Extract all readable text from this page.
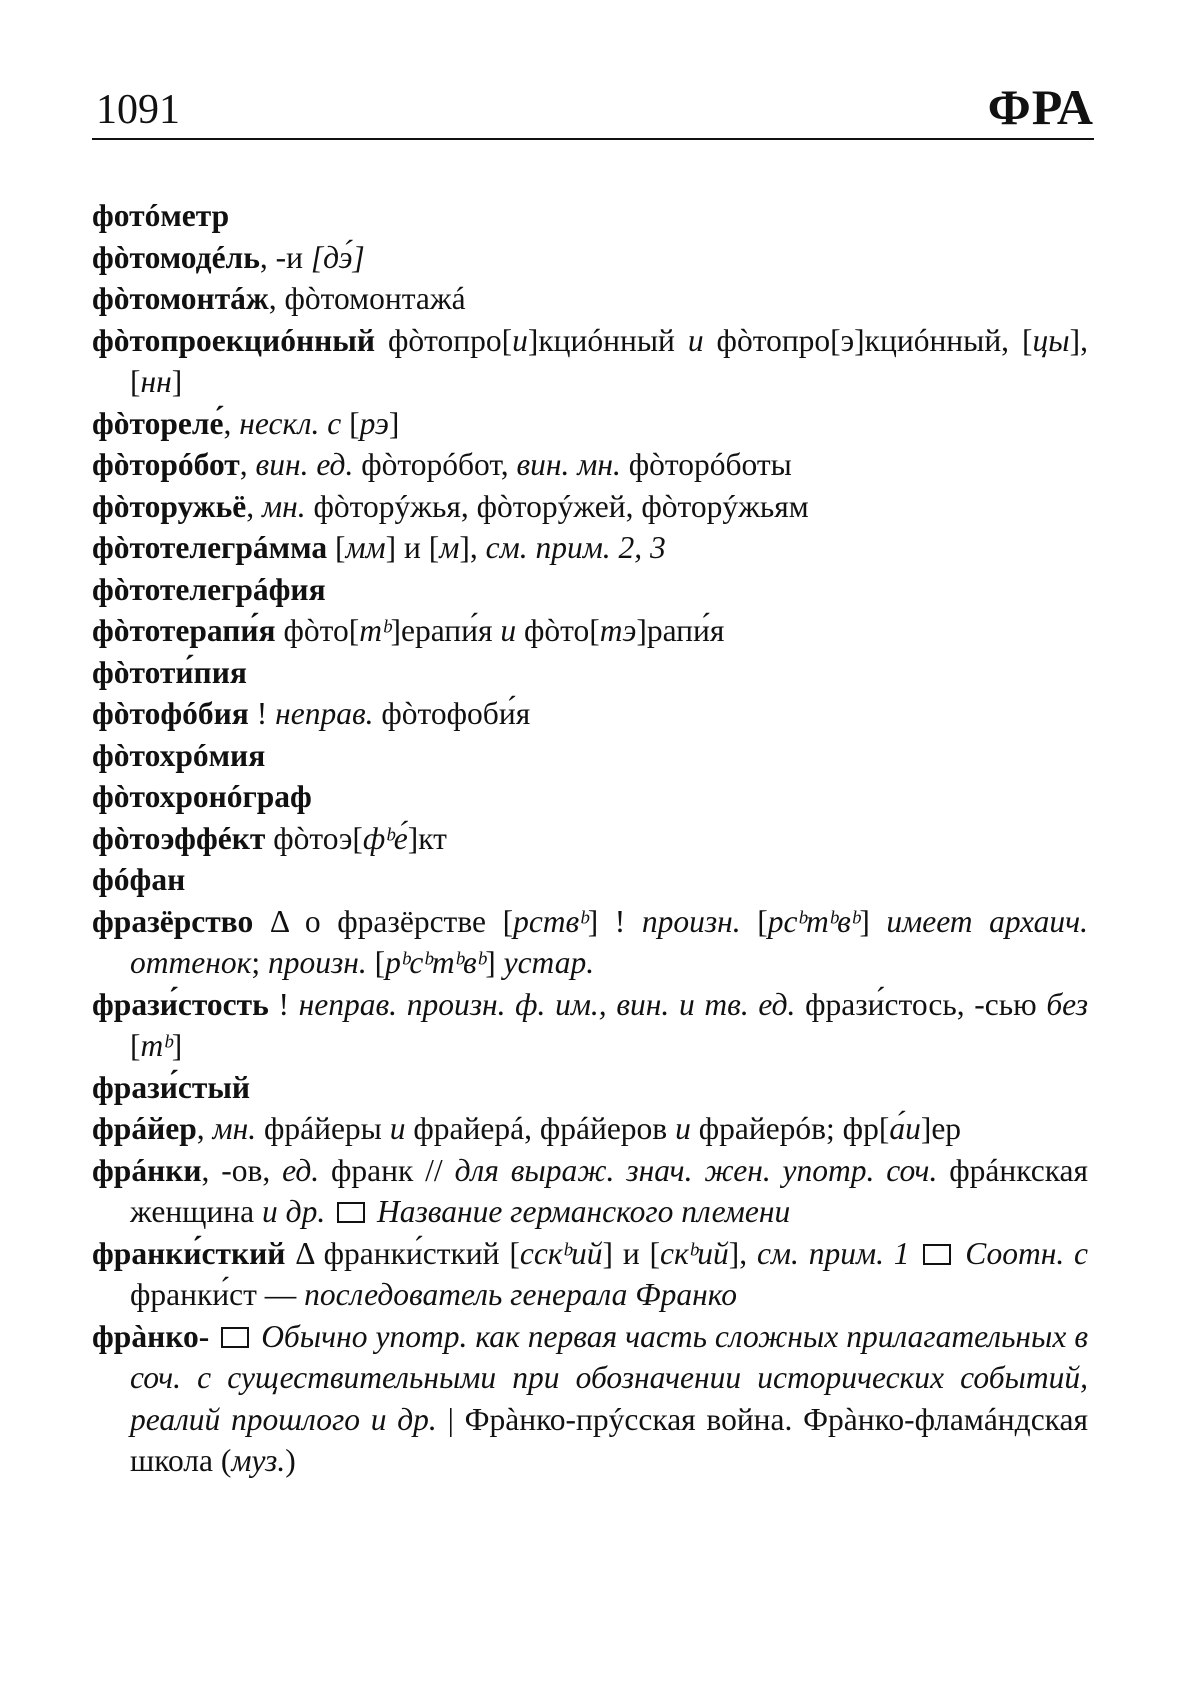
1091	ФРА

фотóметр

фòтомодéль, -и [дэ́]

фòтомонтáж, фòтомонтажá

фòтопроекциóнный фòтопро[и]кциóнный и фòтопро[э]кциóнный, [цы], [нн]

фòтореле́, нескл. с [рэ]

фòторóбот, вин. ед. фòторóбот, вин. мн. фòторóботы

фòторужьё, мн. фòторýжья, фòторýжей, фòторýжьям

фòтотелегрáмма [мм] и [м], см. прим. 2, 3

фòтотелегрáфия

фòтотерапи́я фòто[тᵇ]ерапи́я и фòто[тэ]рапи́я

фòтоти́пия

фòтофóбия ! неправ. фòтофоби́я

фòтохрóмия

фòтохронóграф

фòтоэффéкт фòтоэ[фᵇе́]кт

фóфан

фразёрство Δ о фразёрстве [рствᵇ] ! произн. [рсᵇтᵇвᵇ] имеет архаич. оттенок; произн. [рᵇсᵇтᵇвᵇ] устар.

фрази́стость ! неправ. произн. ф. им., вин. и тв. ед. фрази́стось, -сью без [тᵇ]

фрази́стый

фрáйер, мн. фрáйеры и фрайерá, фрáйеров и фрайерóв; фр[а́и]ер

фрáнки, -ов, ед. франк // для выраж. знач. жен. употр. соч. фрáнкская женщина и др. Название германского племени

франки́сткий Δ франки́сткий [сскᵇий] и [скᵇий], см. прим. 1 Соотн. с франки́ст — последователь генерала Франко

фрàнко- Обычно употр. как первая часть сложных прилагательных в соч. с существительными при обозначении исторических событий, реалий прошлого и др. | Фрàнко-прýсская война. Фрàнко-фламáндская школа (муз.)
